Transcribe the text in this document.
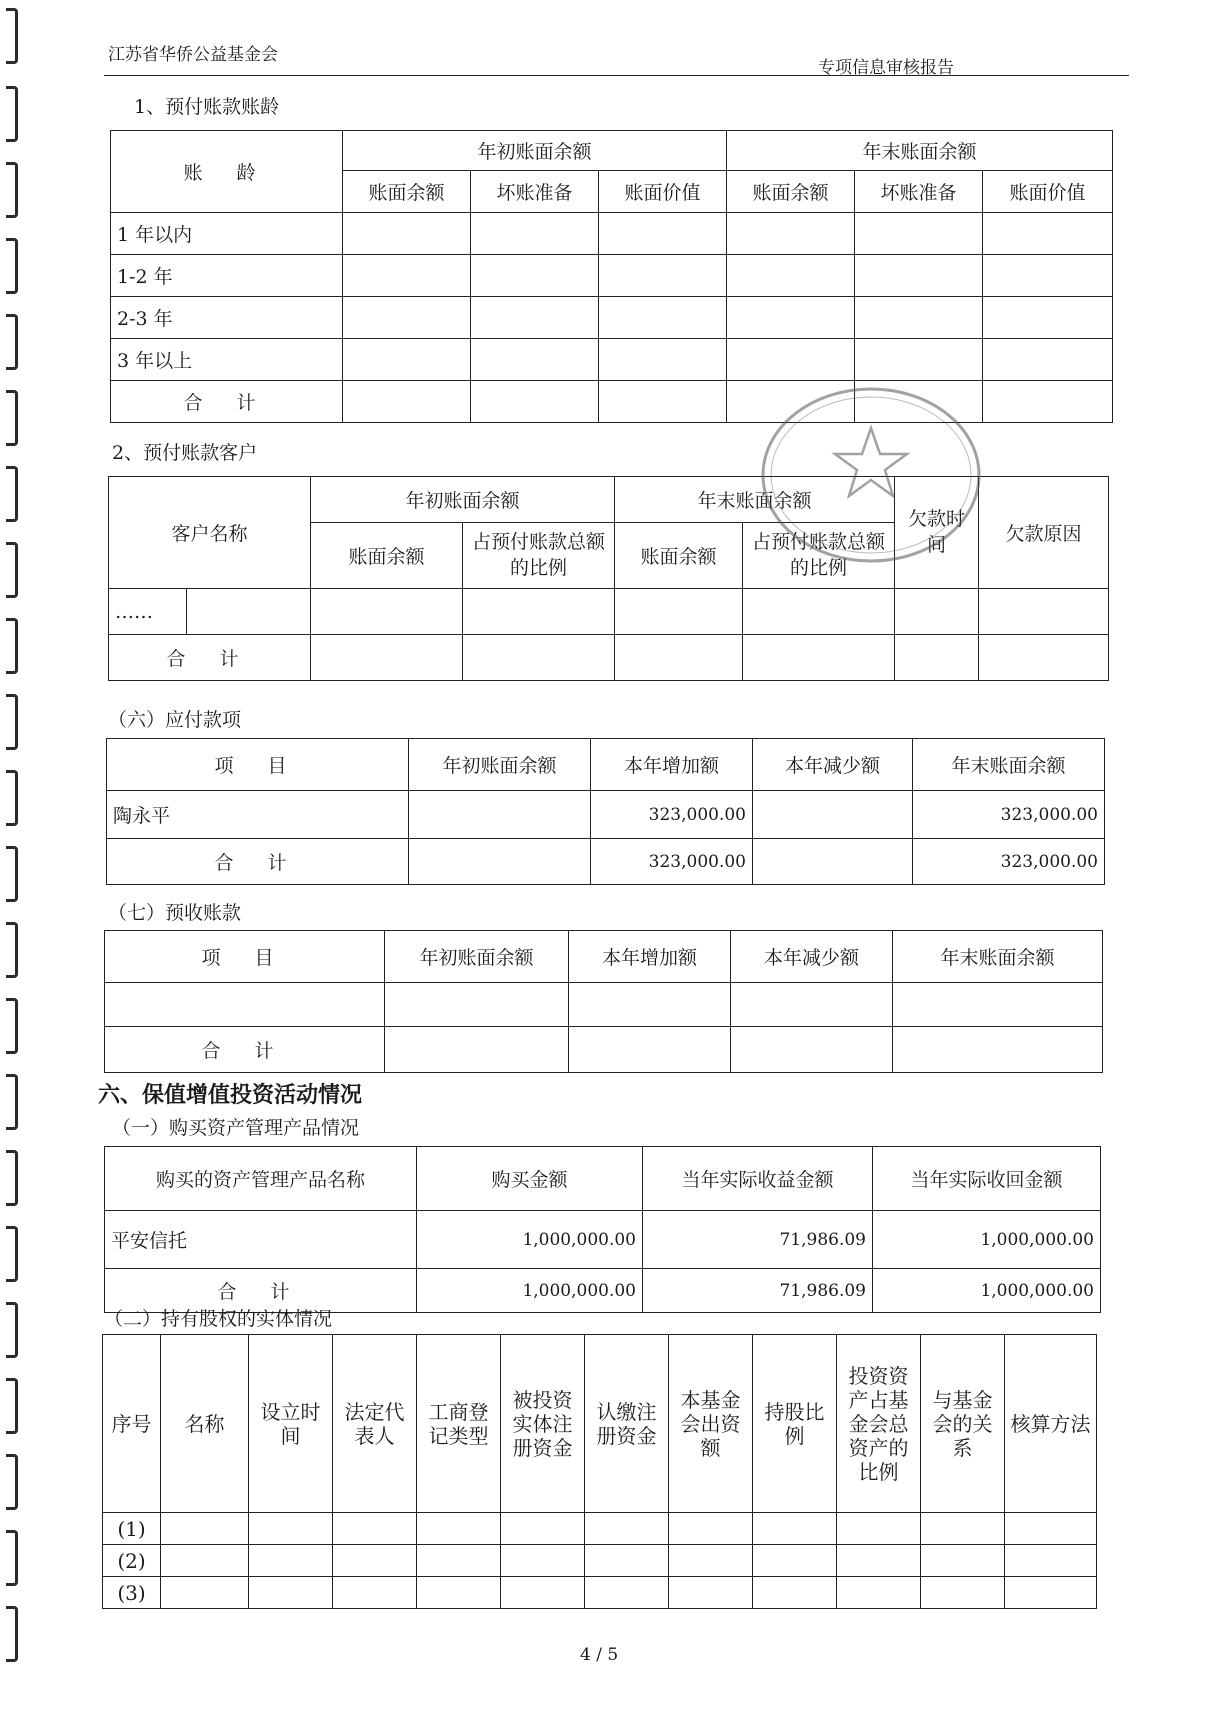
江苏省华侨公益基金会
专项信息审核报告
1、预付账款账龄
账 龄	年初账面余额			年末账面余额		
	账面余额	坏账准备	账面价值	账面余额	坏账准备	账面价值
1 年以内						
1-2 年						
2-3 年						
3 年以上						
合 计						
2、预付账款客户
客户名称		年初账面余额		年末账面余额		欠款时间	欠款原因
		账面余额	占预付账款总额的比例	账面余额	占预付账款总额的比例		
……							
合 计							
（六）应付款项
项 目	年初账面余额	本年增加额	本年减少额	年末账面余额
陶永平		323,000.00		323,000.00
合 计		323,000.00		323,000.00
（七）预收账款
项 目	年初账面余额	本年增加额	本年减少额	年末账面余额

合 计				
六、保值增值投资活动情况
（一）购买资产管理产品情况
购买的资产管理产品名称	购买金额	当年实际收益金额	当年实际收回金额
平安信托	1,000,000.00	71,986.09	1,000,000.00
合 计	1,000,000.00	71,986.09	1,000,000.00
（二）持有股权的实体情况
序号	名称	设立时间	法定代表人	工商登记类型	被投资实体注册资金	认缴注册资金	本基金会出资额	持股比例	投资资产占基金会总资产的比例	与基金会的关系	核算方法
(1)											
(2)											
(3)											
4 / 5
